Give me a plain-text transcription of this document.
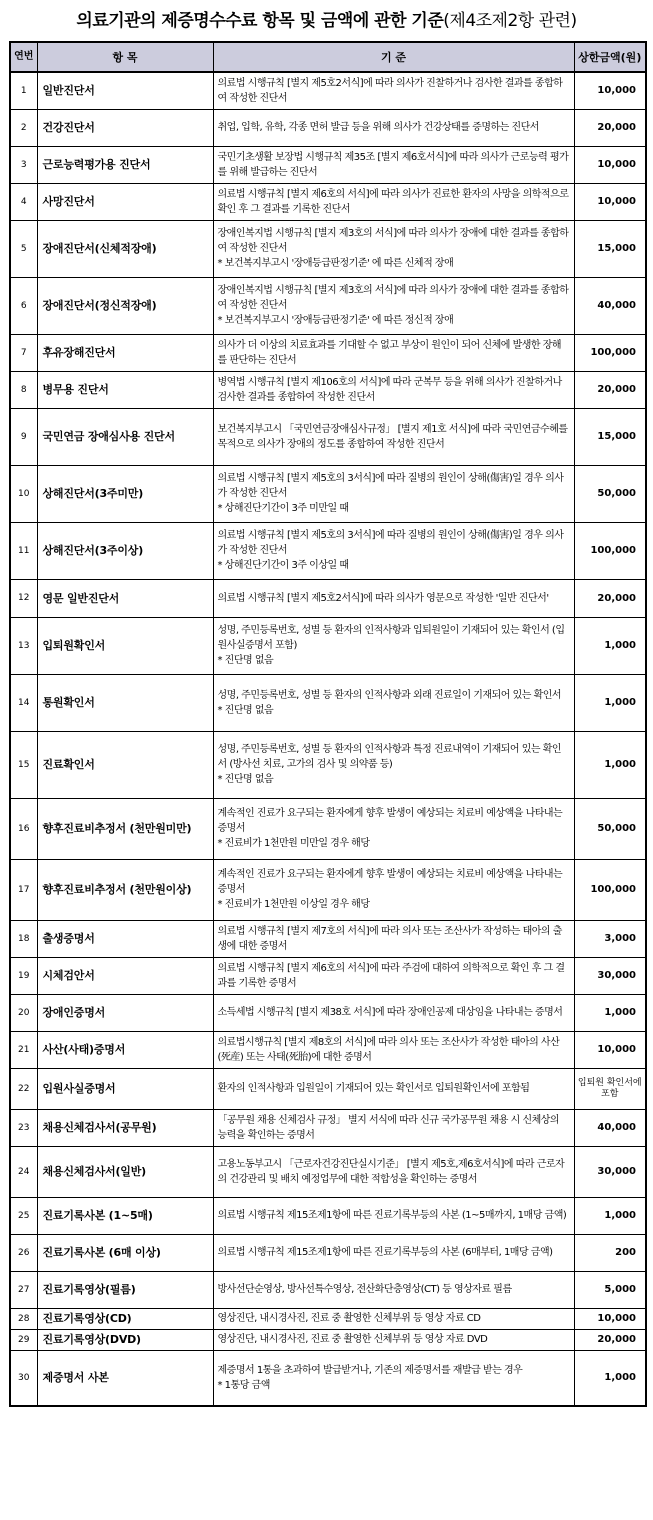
의료기관의 제증명수수료 항목 및 금액에 관한 기준(제4조제2항 관련)
연번	항 목	기 준	상한금액(원)
1	일반진단서	의료법 시행규칙 [별지 제5호2서식]에 따라 의사가 진찰하거나 검사한 결과를 종합하여 작성한 진단서	10,000
2	건강진단서	취업, 입학, 유학, 각종 면허 발급 등을 위해 의사가 건강상태를 증명하는 진단서	20,000
3	근로능력평가용 진단서	국민기초생활 보장법 시행규칙 제35조 [별지 제6호서식]에 따라 의사가 근로능력 평가를 위해 발급하는 진단서	10,000
4	사망진단서	의료법 시행규칙 [별지 제6호의 서식]에 따라 의사가 진료한 환자의 사망을 의학적으로 확인 후 그 결과를 기록한 진단서	10,000
5	장애진단서(신체적장애)	장애인복지법 시행규칙 [별지 제3호의 서식]에 따라 의사가 장애에 대한 결과를 종합하여 작성한 진단서
* 보건복지부고시 '장애등급판정기준' 에 따른 신체적 장애	15,000
6	장애진단서(정신적장애)	장애인복지법 시행규칙 [별지 제3호의 서식]에 따라 의사가 장애에 대한 결과를 종합하여 작성한 진단서
* 보건복지부고시 '장애등급판정기준' 에 따른 정신적 장애	40,000
7	후유장해진단서	의사가 더 이상의 치료효과를 기대할 수 없고 부상이 원인이 되어 신체에 발생한 장해를 판단하는 진단서	100,000
8	병무용 진단서	병역법 시행규칙 [별지 제106호의 서식]에 따라 군복무 등을 위해 의사가 진찰하거나 검사한 결과를 종합하여 작성한 진단서	20,000
9	국민연금 장애심사용 진단서	보건복지부고시 「국민연금장애심사규정」 [별지 제1호 서식]에 따라 국민연금수혜를 목적으로 의사가 장애의 정도를 종합하여 작성한 진단서	15,000
10	상해진단서(3주미만)	의료법 시행규칙 [별지 제5호의 3서식]에 따라 질병의 원인이 상해(傷害)일 경우 의사가 작성한 진단서
* 상해진단기간이 3주 미만일 때	50,000
11	상해진단서(3주이상)	의료법 시행규칙 [별지 제5호의 3서식]에 따라 질병의 원인이 상해(傷害)일 경우 의사가 작성한 진단서
* 상해진단기간이 3주 이상일 때	100,000
12	영문 일반진단서	의료법 시행규칙 [별지 제5호2서식]에 따라 의사가 영문으로 작성한 '일반 진단서'	20,000
13	입퇴원확인서	성명, 주민등록번호, 성별 등 환자의 인적사항과 입퇴원일이 기재되어 있는 확인서 (입원사실증명서 포함)
* 진단명 없음	1,000
14	통원확인서	성명, 주민등록번호, 성별 등 환자의 인적사항과 외래 진료일이 기재되어 있는 확인서
* 진단명 없음	1,000
15	진료확인서	성명, 주민등록번호, 성별 등 환자의 인적사항과 특정 진료내역이 기재되어 있는 확인서 (방사선 치료, 고가의 검사 및 의약품 등)
* 진단명 없음	1,000
16	향후진료비추정서 (천만원미만)	계속적인 진료가 요구되는 환자에게 향후 발생이 예상되는 치료비 예상액을 나타내는 증명서
* 진료비가 1천만원 미만일 경우 해당	50,000
17	향후진료비추정서 (천만원이상)	계속적인 진료가 요구되는 환자에게 향후 발생이 예상되는 치료비 예상액을 나타내는 증명서
* 진료비가 1천만원 이상일 경우 해당	100,000
18	출생증명서	의료법 시행규칙 [별지 제7호의 서식]에 따라 의사 또는 조산사가 작성하는 태아의 출생에 대한 증명서	3,000
19	시체검안서	의료법 시행규칙 [별지 제6호의 서식]에 따라 주검에 대하여 의학적으로 확인 후 그 결과를 기록한 증명서	30,000
20	장애인증명서	소득세법 시행규칙 [별지 제38호 서식]에 따라 장애인공제 대상임을 나타내는 증명서	1,000
21	사산(사태)증명서	의료법시행규칙 [별지 제8호의 서식]에 따라 의사 또는 조산사가 작성한 태아의 사산(死産) 또는 사태(死胎)에 대한 증명서	10,000
22	입원사실증명서	환자의 인적사항과 입원일이 기재되어 있는 확인서로 입퇴원확인서에 포함됨	입퇴원 확인서에 포함
23	채용신체검사서(공무원)	「공무원 채용 신체검사 규정」 별지 서식에 따라 신규 국가공무원 채용 시 신체상의 능력을 확인하는 증명서	40,000
24	채용신체검사서(일반)	고용노동부고시 「근로자건강진단실시기준」 [별지 제5호,제6호서식]에 따라 근로자의 건강관리 및 배치 예정업무에 대한 적합성을 확인하는 증명서	30,000
25	진료기록사본 (1~5매)	의료법 시행규칙 제15조제1항에 따른 진료기록부등의 사본 (1~5매까지, 1매당 금액)	1,000
26	진료기록사본 (6매 이상)	의료법 시행규칙 제15조제1항에 따른 진료기록부등의 사본 (6매부터, 1매당 금액)	200
27	진료기록영상(필름)	방사선단순영상, 방사선특수영상, 전산화단층영상(CT) 등 영상자료 필름	5,000
28	진료기록영상(CD)	영상진단, 내시경사진, 진료 중 촬영한 신체부위 등 영상 자료 CD	10,000
29	진료기록영상(DVD)	영상진단, 내시경사진, 진료 중 촬영한 신체부위 등 영상 자료 DVD	20,000
30	제증명서 사본	제증명서 1통을 초과하여 발급받거나, 기존의 제증명서를 재발급 받는 경우
* 1통당 금액	1,000
